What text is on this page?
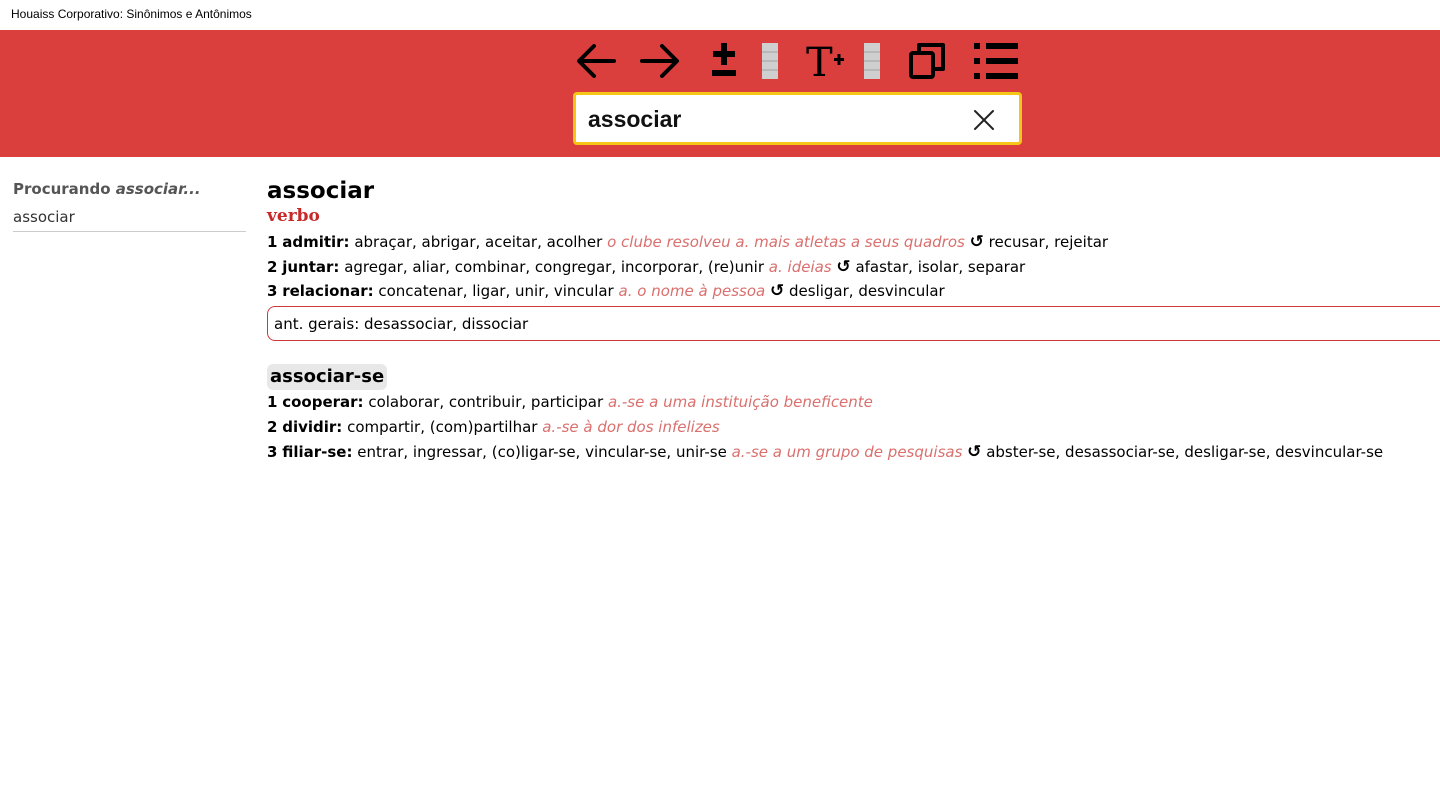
Houaiss Corporativo: Sinônimos e Antônimos
T
associar
Procurando associar...
associar
associar
verbo
1 admitir: abraçar, abrigar, aceitar, acolher o clube resolveu a. mais atletas a seus quadros ↺ recusar, rejeitar
2 juntar: agregar, aliar, combinar, congregar, incorporar, (re)unir a. ideias ↺ afastar, isolar, separar
3 relacionar: concatenar, ligar, unir, vincular a. o nome à pessoa ↺ desligar, desvincular
ant. gerais: desassociar, dissociar
associar-se
1 cooperar: colaborar, contribuir, participar a.-se a uma instituição beneficente
2 dividir: compartir, (com)partilhar a.-se à dor dos infelizes
3 filiar-se: entrar, ingressar, (co)ligar-se, vincular-se, unir-se a.-se a um grupo de pesquisas ↺ abster-se, desassociar-se, desligar-se, desvincular-se
